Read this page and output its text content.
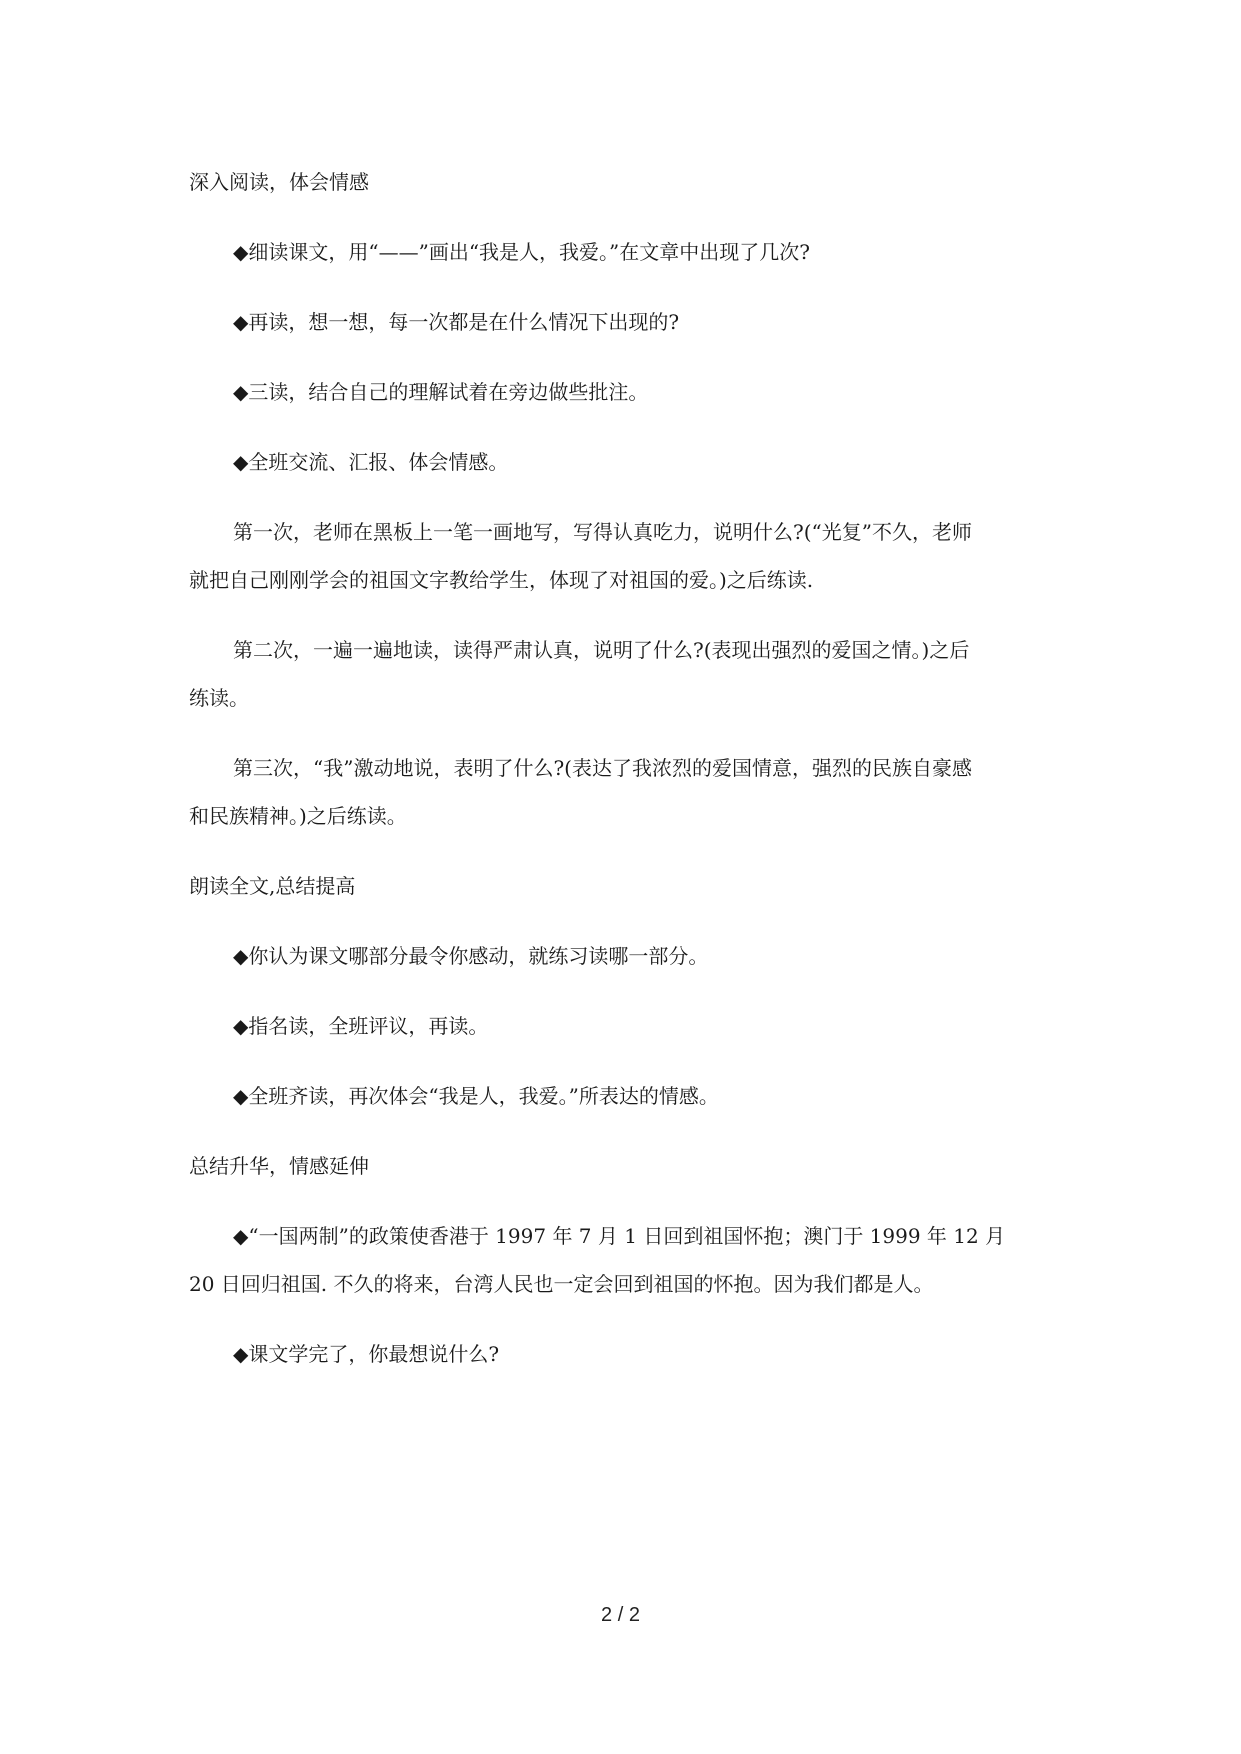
深入阅读，体会情感

◆细读课文，用“——”画出“我是人，我爱。”在文章中出现了几次?

◆再读，想一想，每一次都是在什么情况下出现的?

◆三读，结合自己的理解试着在旁边做些批注。

◆全班交流、汇报、体会情感。

第一次，老师在黑板上一笔一画地写，写得认真吃力，说明什么?(“光复”不久，老师
就把自己刚刚学会的祖国文字教给学生，体现了对祖国的爱。)之后练读.
第二次，一遍一遍地读，读得严肃认真，说明了什么?(表现出强烈的爱国之情。)之后
练读。
第三次，“我”激动地说，表明了什么?(表达了我浓烈的爱国情意，强烈的民族自豪感
和民族精神。)之后练读。

朗读全文,总结提高

◆你认为课文哪部分最令你感动，就练习读哪一部分。

◆指名读，全班评议，再读。

◆全班齐读，再次体会“我是人，我爱。”所表达的情感。

总结升华，情感延伸

◆“一国两制”的政策使香港于 1997 年 7 月 1 日回到祖国怀抱；澳门于 1999 年 12 月
20 日回归祖国. 不久的将来，台湾人民也一定会回到祖国的怀抱。因为我们都是人。

◆课文学完了，你最想说什么?

2 / 2
